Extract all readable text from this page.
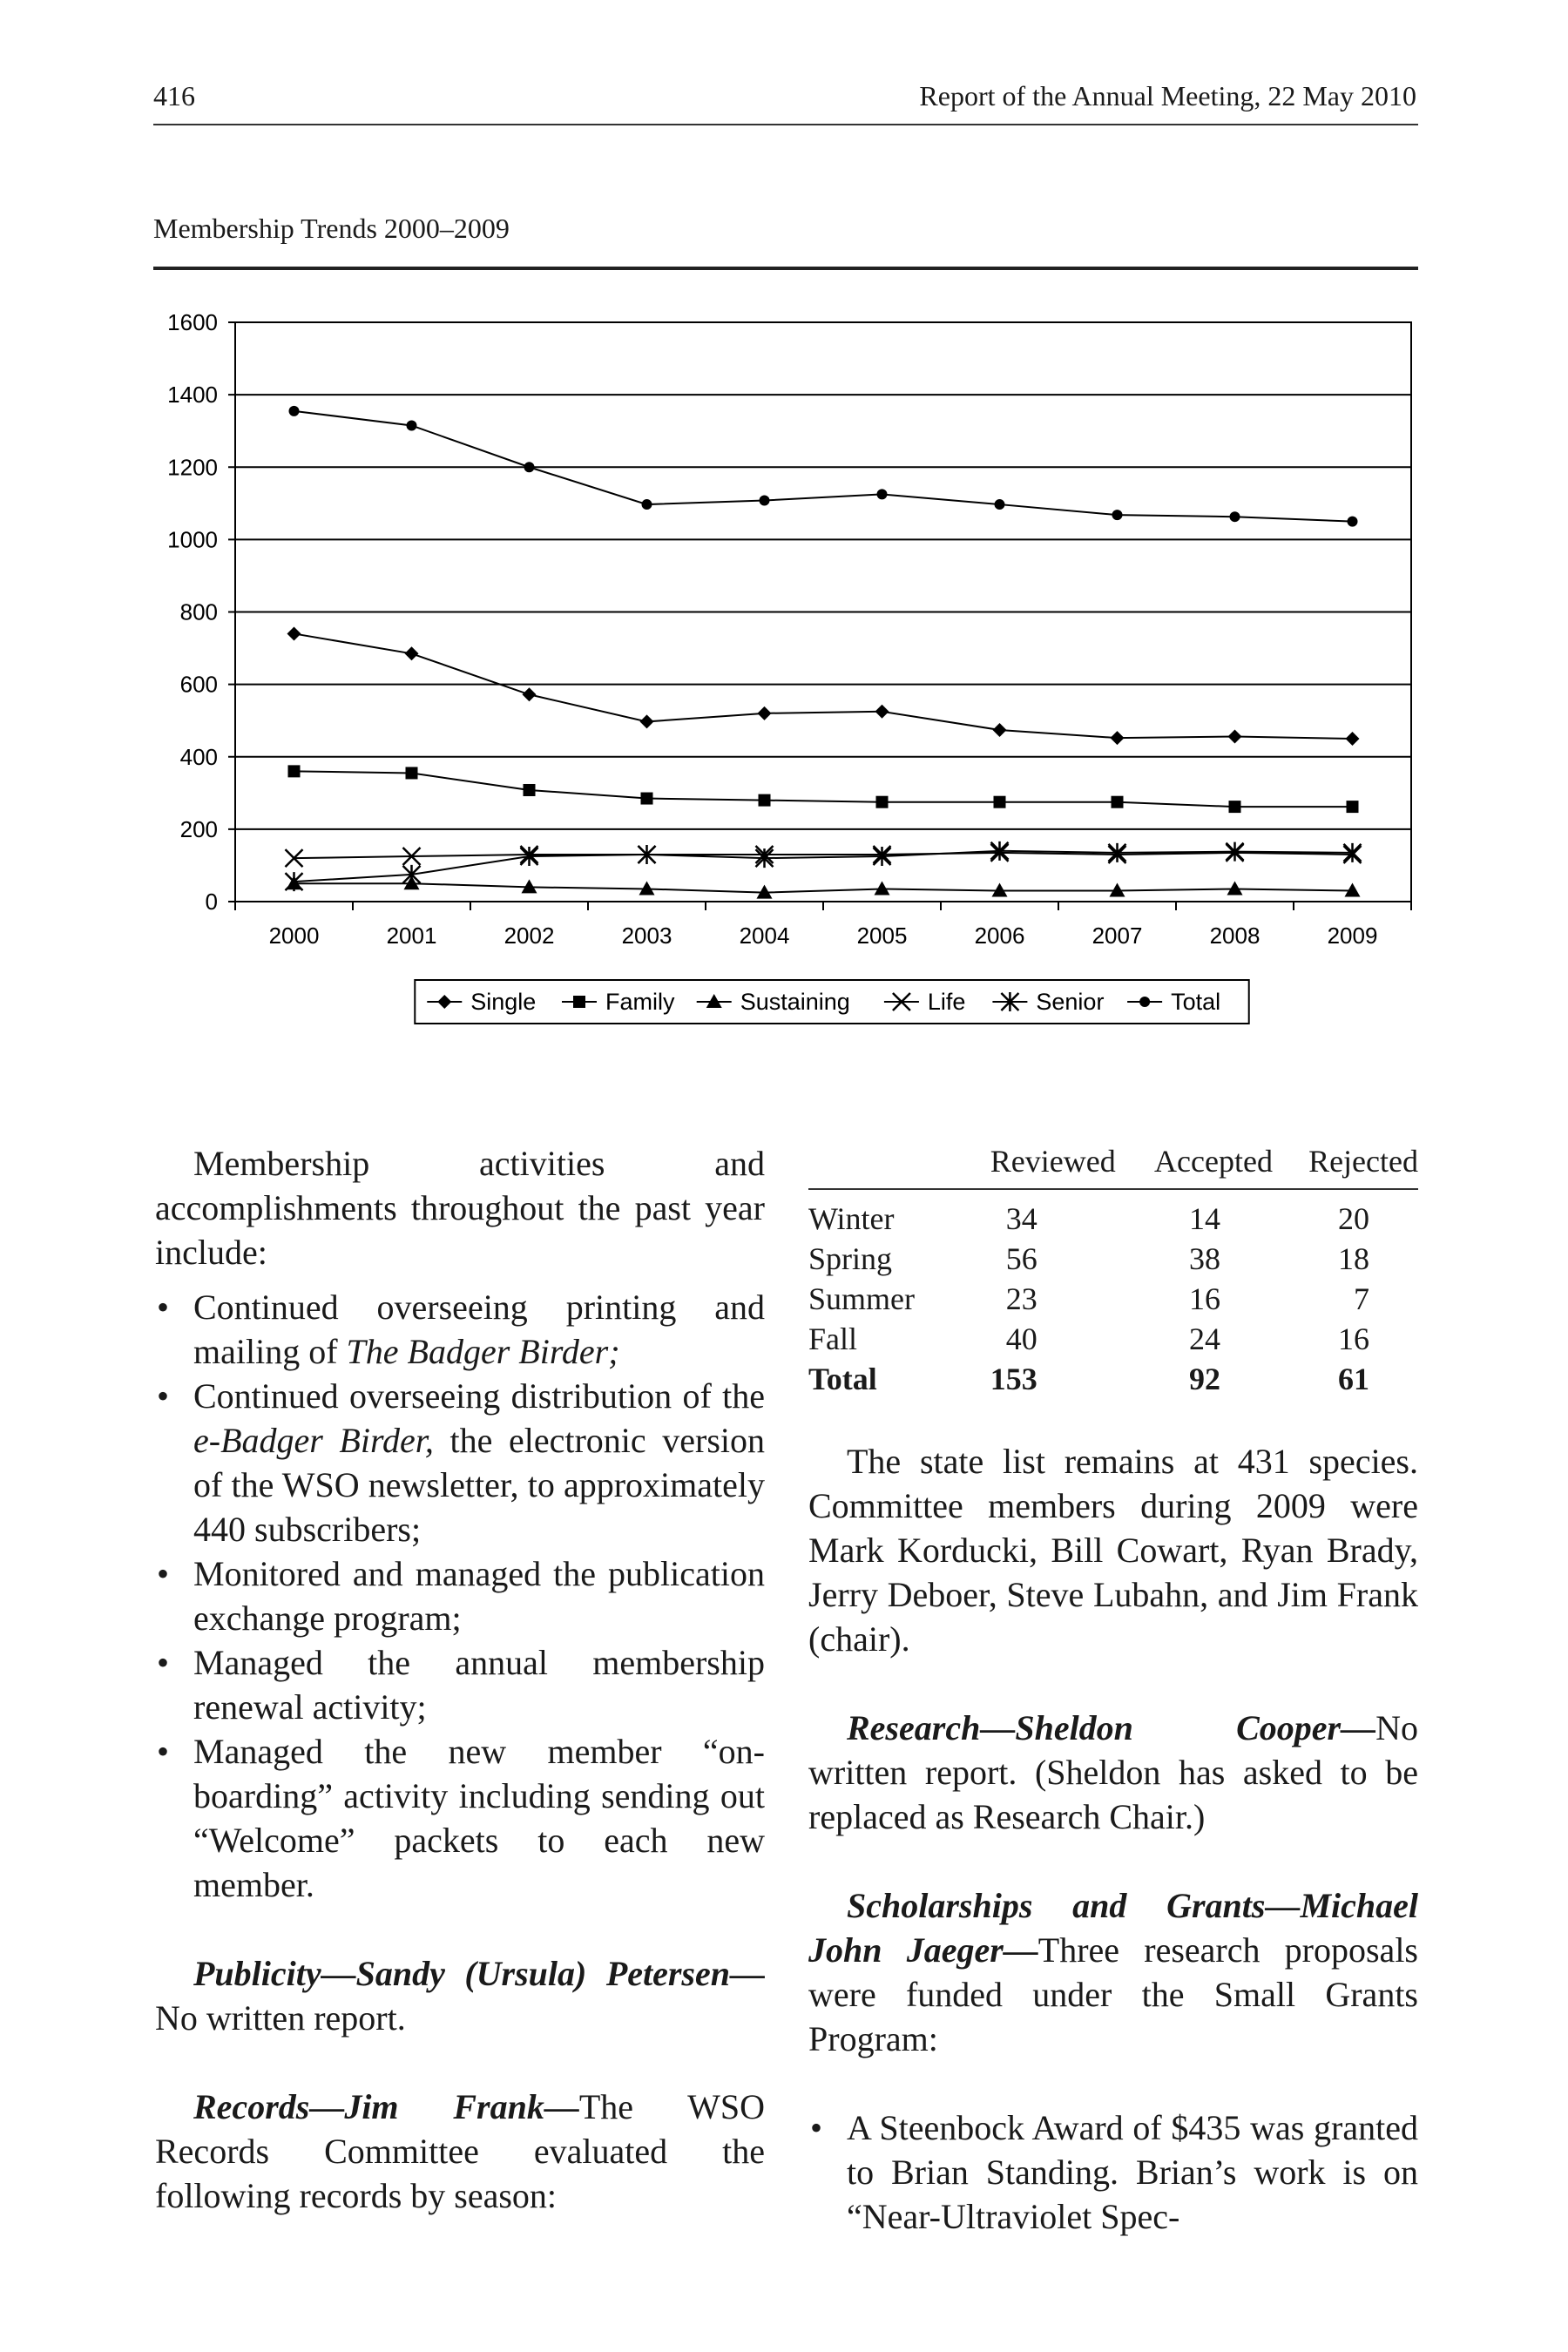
416	Report of the Annual Meeting, 22 May 2010
Membership Trends 2000–2009
0
200
400
600
800
1000
1200
1400
1600
2000	2001	2002	2003	2004	2005	2006	2007	2008	2009
Single	Family	Sustaining	Life	Senior	Total

Membership activities and accomplishments throughout the past year include:

• Continued overseeing printing and mailing of The Badger Birder;
• Continued overseeing distribution of the e-Badger Birder, the electronic version of the WSO newsletter, to approximately 440 subscribers;
• Monitored and managed the publication exchange program;
• Managed the annual membership renewal activity;
• Managed the new member “on-boarding” activity including sending out “Welcome” packets to each new member.

Publicity—Sandy (Ursula) Petersen— No written report.

Records—Jim Frank—The WSO Records Committee evaluated the following records by season:

	Reviewed	Accepted	Rejected
Winter	34	14	20
Spring	56	38	18
Summer	23	16	7
Fall	40	24	16
Total	153	92	61

The state list remains at 431 species. Committee members during 2009 were Mark Korducki, Bill Cowart, Ryan Brady, Jerry Deboer, Steve Lubahn, and Jim Frank (chair).

Research—Sheldon Cooper—No written report. (Sheldon has asked to be replaced as Research Chair.)

Scholarships and Grants—Michael John Jaeger—Three research proposals were funded under the Small Grants Program:

• A Steenbock Award of $435 was granted to Brian Standing. Brian’s work is on “Near-Ultraviolet Spec-
